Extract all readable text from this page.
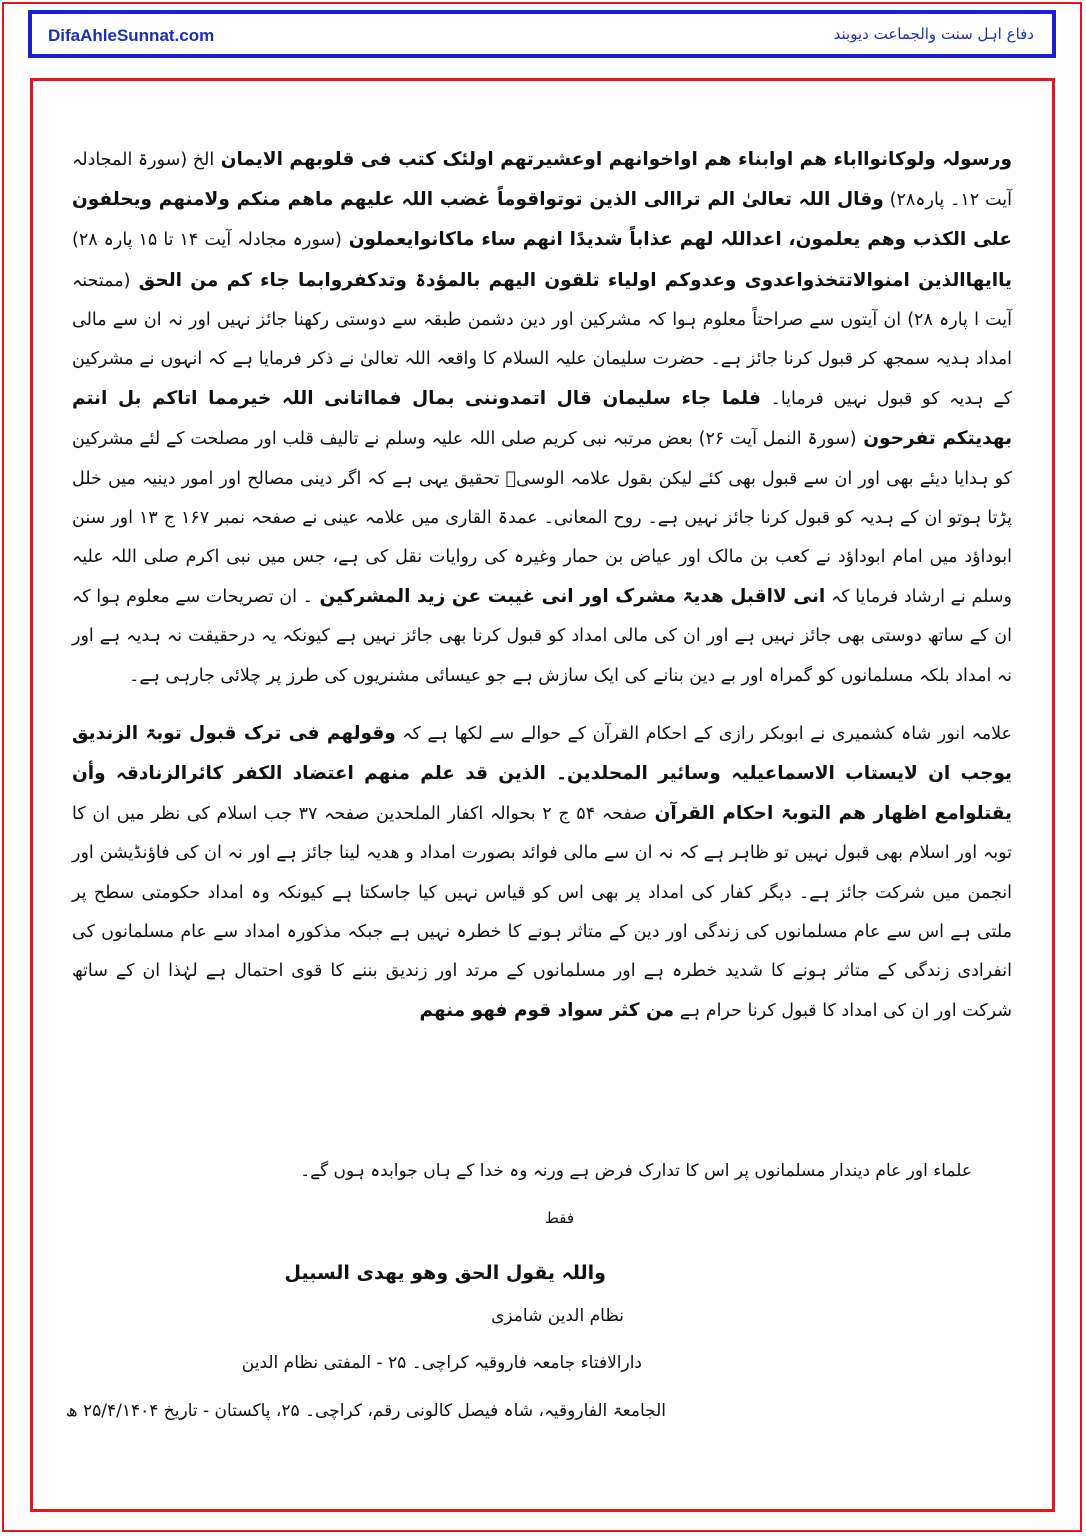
DifaAhleSunnat.com	دفاع اہل سنت والجماعت دیوبند

ورسولہ ولوکانوااباء ھم اوابناء ھم اواخوانھم اوعشیرتھم اولئک کتب فی قلوبھم الایمان الخ (سورۃ المجادلہ آیت ۱۲۔ پارہ۲۸) وقال اللہ تعالیٰ الم تراالی الذین توتواقوماً غضب اللہ علیھم ماھم منکم ولامنھم ویحلفون علی الکذب وھم یعلمون، اعداللہ لھم عذاباً شدیدًا انھم ساء ماکانوایعملون (سورہ مجادلہ آیت ۱۴ تا ۱۵ پارہ ۲۸) یاایھاالذین امنوالاتتخذواعدوی وعدوکم اولیاء تلقون الیھم بالمؤدۃ وتدکفروابما جاء کم من الحق (ممتحنہ آیت ا پارہ ۲۸) ان آیتوں سے صراحتاً معلوم ہوا کہ مشرکین اور دین دشمن طبقہ سے دوستی رکھنا جائز نہیں اور نہ ان سے مالی امداد ہدیہ سمجھ کر قبول کرنا جائز ہے۔ حضرت سلیمان علیہ السلام کا واقعہ اللہ تعالیٰ نے ذکر فرمایا ہے کہ انہوں نے مشرکین کے ہدیہ کو قبول نہیں فرمایا۔ فلما جاء سلیمان قال اتمدوننی بمال فمااتانی اللہ خیرمما اتاکم بل انتم بھدیتکم تفرحون (سورۃ النمل آیت ۲۶) بعض مرتبہ نبی کریم صلی اللہ علیہ وسلم نے تالیف قلب اور مصلحت کے لئے مشرکین کو ہدایا دیئے بھی اور ان سے قبول بھی کئے لیکن بقول علامہ الوسیؒ تحقیق یہی ہے کہ اگر دینی مصالح اور امور دینیہ میں خلل پڑتا ہوتو ان کے ہدیہ کو قبول کرنا جائز نہیں ہے۔ روح المعانی۔ عمدۃ القاری میں علامہ عینی نے صفحہ نمبر ۱۶۷ ج ۱۳ اور سنن ابوداؤد میں امام ابوداؤد نے کعب بن مالک اور عیاض بن حمار وغیرہ کی روایات نقل کی ہے، جس میں نبی اکرم صلی اللہ علیہ وسلم نے ارشاد فرمایا کہ انی لااقبل ھدیۃ مشرک اور انی غیبت عن زید المشرکین ۔ ان تصریحات سے معلوم ہوا کہ ان کے ساتھ دوستی بھی جائز نہیں ہے اور ان کی مالی امداد کو قبول کرنا بھی جائز نہیں ہے کیونکہ یہ درحقیقت نہ ہدیہ ہے اور نہ امداد بلکہ مسلمانوں کو گمراہ اور بے دین بنانے کی ایک سازش ہے جو عیسائی مشنریوں کی طرز پر چلائی جارہی ہے۔

علامہ انور شاہ کشمیری نے ابوبکر رازی کے احکام القرآن کے حوالے سے لکھا ہے کہ وقولھم فی ترک قبول توبۃ الزندیق یوجب ان لایستاب الاسماعیلیہ وسائیر المحلدین۔ الذین قد علم منھم اعتضاد الکفر کائرالزنادقہ وأن یقتلوامع اظھار ھم التوبۃ احکام القرآن صفحہ ۵۴ ج ۲ بحوالہ اکفار الملحدین صفحہ ۳۷ جب اسلام کی نظر میں ان کا توبہ اور اسلام بھی قبول نہیں تو ظاہر ہے کہ نہ ان سے مالی فوائد بصورت امداد و ھدیہ لینا جائز ہے اور نہ ان کی فاؤنڈیشن اور انجمن میں شرکت جائز ہے۔ دیگر کفار کی امداد پر بھی اس کو قیاس نہیں کیا جاسکتا ہے کیونکہ وہ امداد حکومتی سطح پر ملتی ہے اس سے عام مسلمانوں کی زندگی اور دین کے متاثر ہونے کا خطرہ نہیں ہے جبکہ مذکورہ امداد سے عام مسلمانوں کی انفرادی زندگی کے متاثر ہونے کا شدید خطرہ ہے اور مسلمانوں کے مرتد اور زندیق بننے کا قوی احتمال ہے لہٰذا ان کے ساتھ شرکت اور ان کی امداد کا قبول کرنا حرام ہے من کثر سواد قوم فھو منھم

علماء اور عام دیندار مسلمانوں پر اس کا تدارک فرض ہے ورنہ وہ خدا کے ہاں جوابدہ ہوں گے۔
فقط
واللہ یقول الحق وھو یھدی السبیل
نظام الدین شامزی
دارالافتاء جامعہ فاروقیہ کراچی۔ ۲۵ - المفتی نظام الدین
الجامعۃ الفاروقیہ، شاہ فیصل کالونی رقم، کراچی۔ ۲۵، پاکستان - تاریخ ۲۵/۴/۱۴۰۴ ھ
